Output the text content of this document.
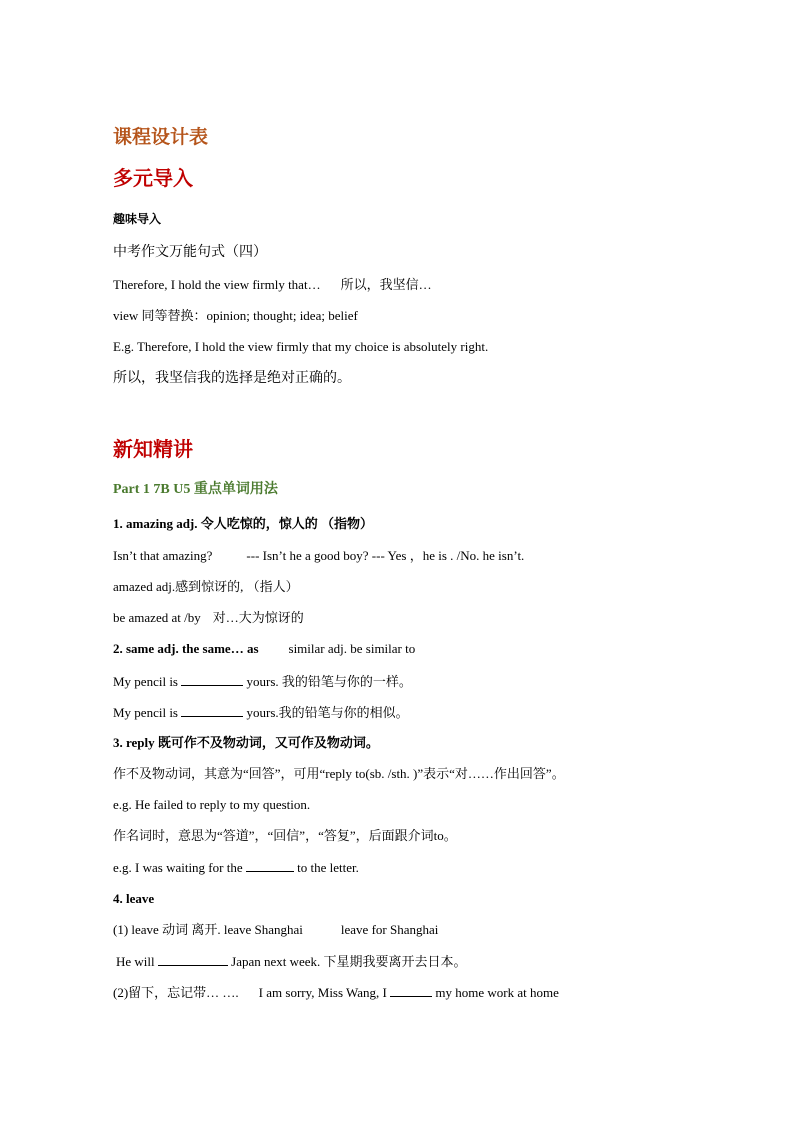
课程设计表
多元导入
趣味导入
中考作文万能句式（四）
Therefore, I hold the view firmly that… 所以，我坚信…
view 同等替换：opinion; thought; idea; belief
E.g. Therefore, I hold the view firmly that my choice is absolutely right.
所以，我坚信我的选择是绝对正确的。
新知精讲
Part 1 7B U5 重点单词用法
1. amazing adj. 令人吃惊的，惊人的 （指物）
Isn’t that amazing?	--- Isn’t he a good boy? --- Yes ，he is . /No. he isn’t.
amazed adj.感到惊讶的, （指人）
be amazed at /by 对…大为惊讶的
2. same adj. the same… as similar adj. be similar to
My pencil is	yours. 我的铅笔与你的一样。
My pencil is	yours.我的铅笔与你的相似。
3. reply 既可作不及物动词，又可作及物动词。
作不及物动词，其意为“回答”，可用“reply to(sb. /sth. )”表示“对……作出回答”。
e.g. He failed to reply to my question.
作名词时，意思为“答道”，“回信”，“答复”，后面跟介词to。
e.g. I was waiting for the	to the letter.
4. leave
(1) leave 动词 离开. leave Shanghai	leave for Shanghai
He will	Japan next week. 下星期我要离开去日本。
(2)留下，忘记带… …. I am sorry, Miss Wang, I	my home work at home
